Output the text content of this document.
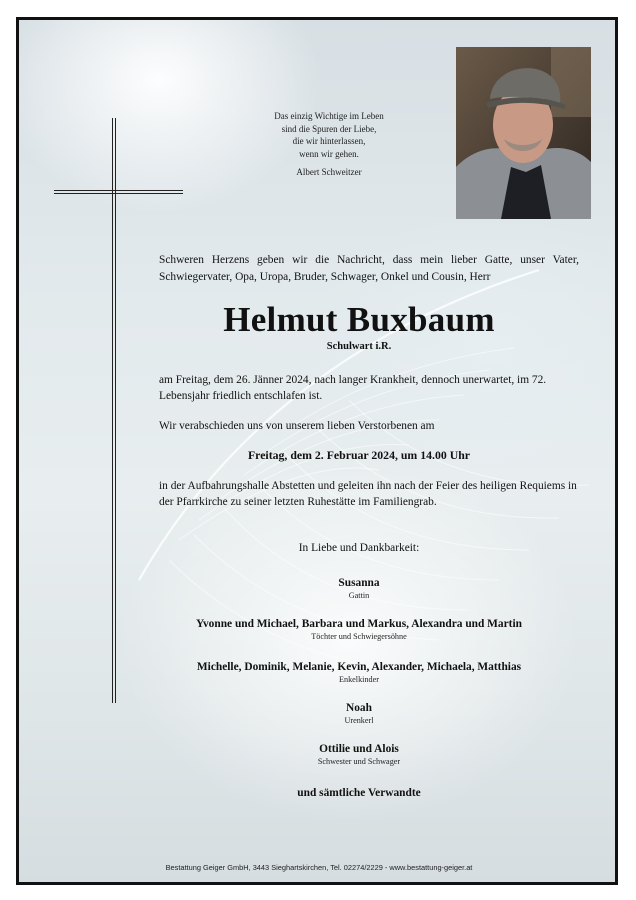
Das einzig Wichtige im Leben
sind die Spuren der Liebe,
die wir hinterlassen,
wenn wir gehen.
Albert Schweitzer
Schweren Herzens geben wir die Nachricht, dass mein lieber Gatte, unser Vater, Schwiegervater, Opa, Uropa, Bruder, Schwager, Onkel und Cousin, Herr
Helmut Buxbaum
Schulwart i.R.
am Freitag, dem 26. Jänner 2024, nach langer Krankheit, dennoch unerwartet, im 72. Lebensjahr friedlich entschlafen ist.
Wir verabschieden uns von unserem lieben Verstorbenen am
Freitag, dem 2. Februar 2024, um 14.00 Uhr
in der Aufbahrungshalle Abstetten und geleiten ihn nach der Feier des heiligen Requiems in der Pfarrkirche zu seiner letzten Ruhestätte im Familiengrab.
In Liebe und Dankbarkeit:
Susanna
Gattin
Yvonne und Michael, Barbara und Markus, Alexandra und Martin
Töchter und Schwiegersöhne
Michelle, Dominik, Melanie, Kevin, Alexander, Michaela, Matthias
Enkelkinder
Noah
Urenkerl
Ottilie und Alois
Schwester und Schwager
und sämtliche Verwandte
Bestattung Geiger GmbH, 3443 Sieghartskirchen, Tel. 02274/2229 - www.bestattung-geiger.at
